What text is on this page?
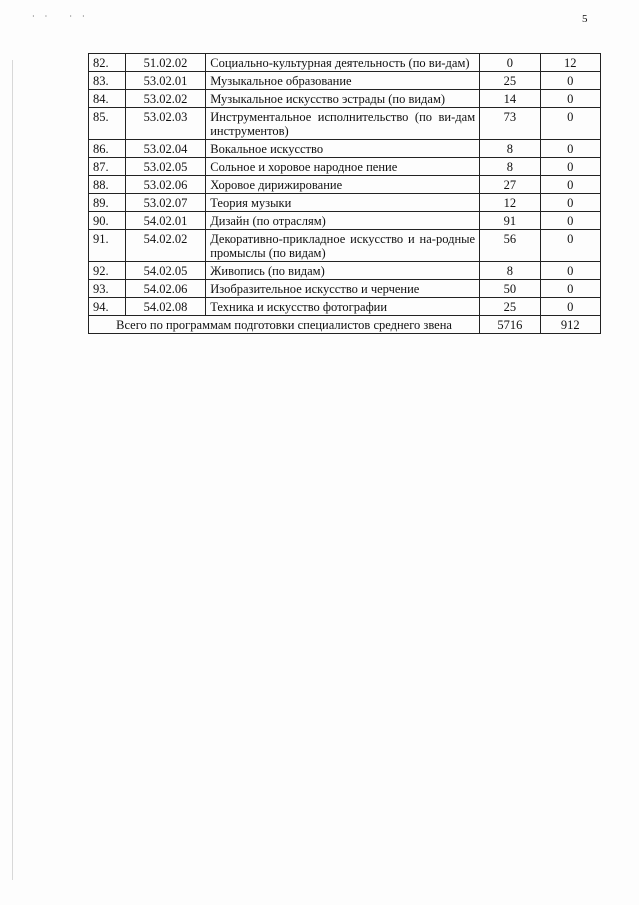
·· ··	5
82.	51.02.02	Социально-культурная деятельность (по ви-дам)	0	12
83.	53.02.01	Музыкальное образование	25	0
84.	53.02.02	Музыкальное искусство эстрады (по видам)	14	0
85.	53.02.03	Инструментальное исполнительство (по ви-дам инструментов)	73	0
86.	53.02.04	Вокальное искусство	8	0
87.	53.02.05	Сольное и хоровое народное пение	8	0
88.	53.02.06	Хоровое дирижирование	27	0
89.	53.02.07	Теория музыки	12	0
90.	54.02.01	Дизайн (по отраслям)	91	0
91.	54.02.02	Декоративно-прикладное искусство и на-родные промыслы (по видам)	56	0
92.	54.02.05	Живопись (по видам)	8	0
93.	54.02.06	Изобразительное искусство и черчение	50	0
94.	54.02.08	Техника и искусство фотографии	25	0
Всего по программам подготовки специалистов среднего звена			5716	912
